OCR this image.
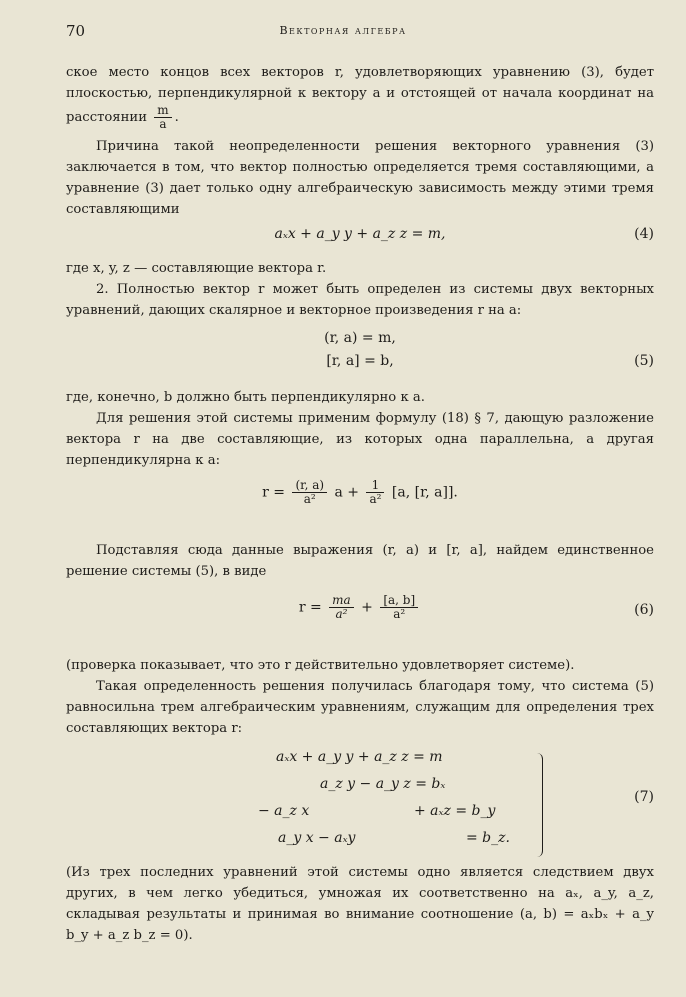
70	Векторная алгебра

ское место концов всех векторов r, удовлетворяющих уравнению (3), будет плоскостью, перпендикулярной к вектору a и отстоящей от начала координат на расстоянии $\frac{m}{a}$ .

Причина такой неопределенности решения векторного уравнения (3) заключается в том, что вектор полностью определяется тремя составляющими, а уравнение (3) дает только одну алгебраическую зависимость между этими тремя составляющими

aₓx + a_y y + a_z z = m,	(4)

где x, y, z — составляющие вектора r.

2. Полностью вектор r может быть определен из системы двух векторных уравнений, дающих скалярное и векторное произведения r на a:

(r, a) = m,
[r, a] = b,	(5)

где, конечно, b должно быть перпендикулярно к a.

Для решения этой системы применим формулу (18) § 7, дающую разложение вектора r на две составляющие, из которых одна параллельна, а другая перпендикулярна к a:

$r = \frac{(r, a)}{\text{a²}}$ $a + \frac{1}{\text{a²}} [a$, [r, a]].

Подставляя сюда данные выражения (r, a) и [r, a], найдем единственное решение системы (5), в виде

$r = \frac{ma}{\text{a²}} + \frac{[a, b]}{\text{a²}}$	(6)

(проверка показывает, что это r действительно удовлетворяет системе).

Такая определенность решения получилась благодаря тому, что система (5) равносильна трем алгебраическим уравнениям, служащим для определения трех составляющих вектора r:

aₓx + a_y y + a_z z = m
a_z y − a_y z = bₓ
− a_z x	+ aₓz = b_y
a_y x − aₓy	= b_z.
(7)

(Из трех последних уравнений этой системы одно является следствием двух других, в чем легко убедиться, умножая их соответственно на aₓ, a_y, a_z, складывая результаты и принимая во внимание соотношение (a, b) = aₓbₓ + a_y b_y + a_z b_z = 0).
